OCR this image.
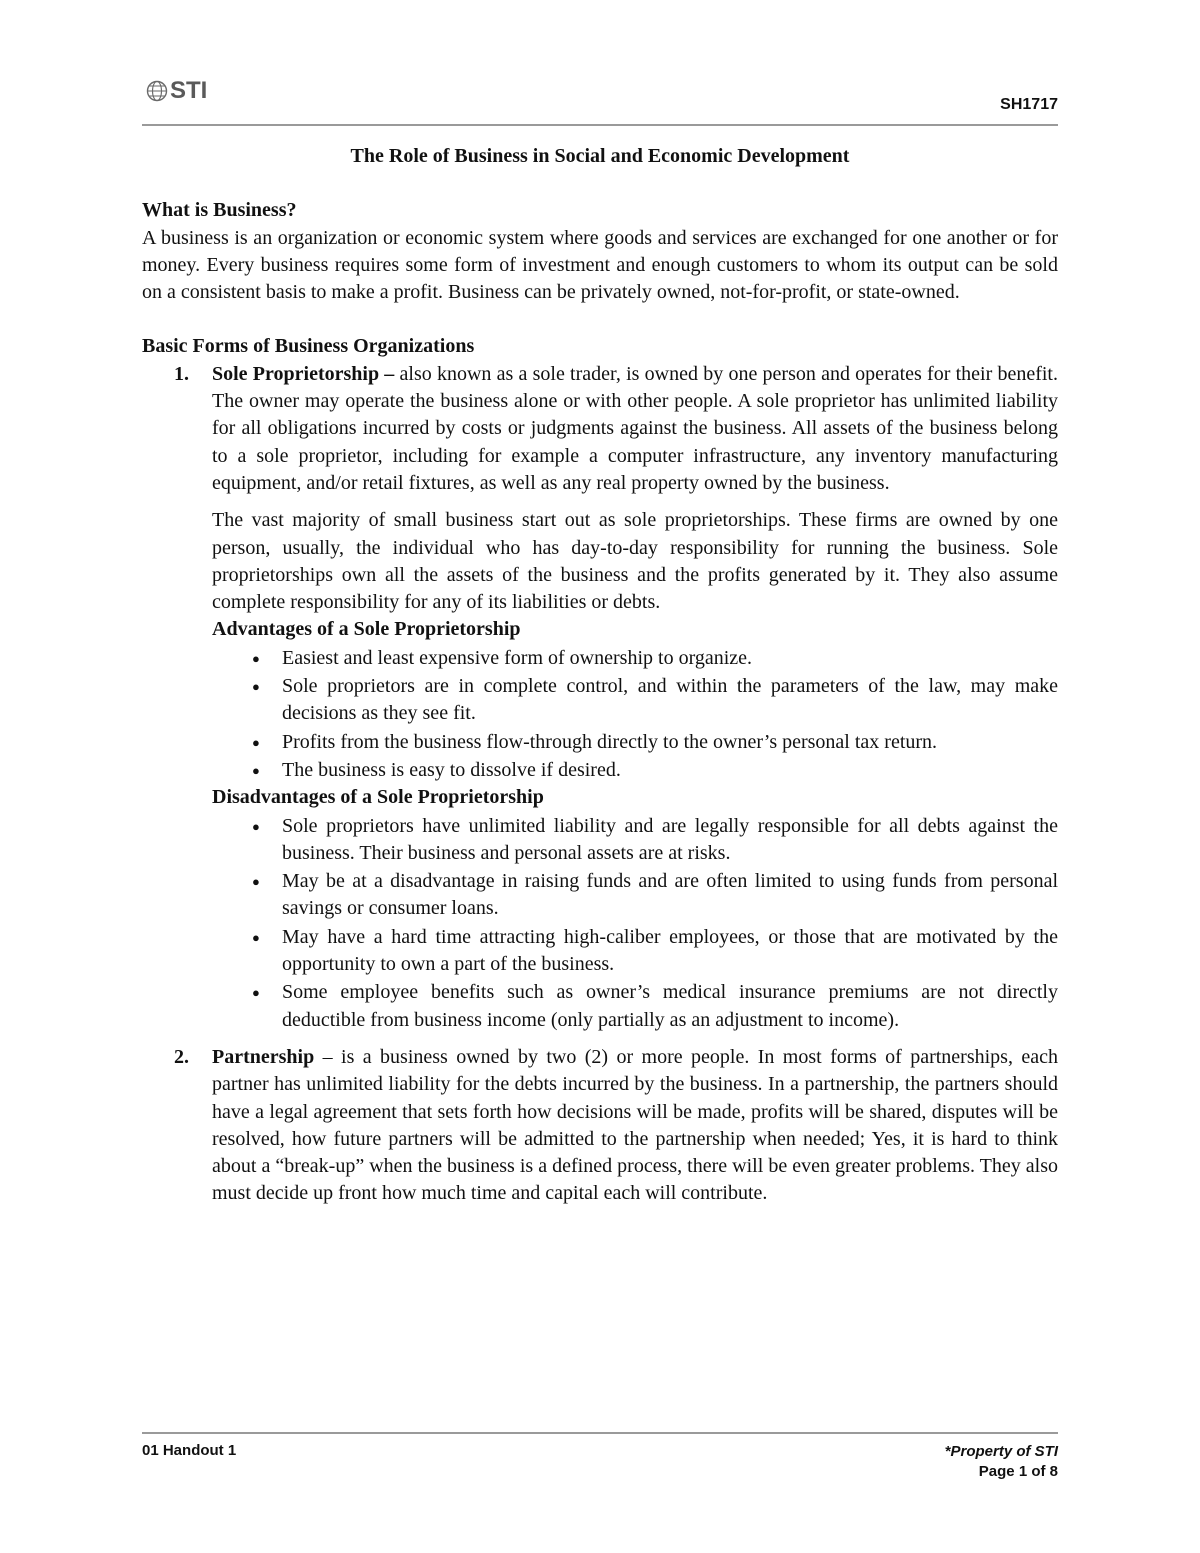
STI
SH1717

The Role of Business in Social and Economic Development

What is Business?

A business is an organization or economic system where goods and services are exchanged for one another or for money. Every business requires some form of investment and enough customers to whom its output can be sold on a consistent basis to make a profit. Business can be privately owned, not-for-profit, or state-owned.

Basic Forms of Business Organizations

1. Sole Proprietorship – also known as a sole trader, is owned by one person and operates for their benefit. The owner may operate the business alone or with other people. A sole proprietor has unlimited liability for all obligations incurred by costs or judgments against the business. All assets of the business belong to a sole proprietor, including for example a computer infrastructure, any inventory manufacturing equipment, and/or retail fixtures, as well as any real property owned by the business.

The vast majority of small business start out as sole proprietorships. These firms are owned by one person, usually, the individual who has day-to-day responsibility for running the business. Sole proprietorships own all the assets of the business and the profits generated by it. They also assume complete responsibility for any of its liabilities or debts.

Advantages of a Sole Proprietorship

● Easiest and least expensive form of ownership to organize.
● Sole proprietors are in complete control, and within the parameters of the law, may make decisions as they see fit.
● Profits from the business flow-through directly to the owner’s personal tax return.
● The business is easy to dissolve if desired.

Disadvantages of a Sole Proprietorship

● Sole proprietors have unlimited liability and are legally responsible for all debts against the business. Their business and personal assets are at risks.
● May be at a disadvantage in raising funds and are often limited to using funds from personal savings or consumer loans.
● May have a hard time attracting high-caliber employees, or those that are motivated by the opportunity to own a part of the business.
● Some employee benefits such as owner’s medical insurance premiums are not directly deductible from business income (only partially as an adjustment to income).
2. Partnership – is a business owned by two (2) or more people. In most forms of partnerships, each partner has unlimited liability for the debts incurred by the business. In a partnership, the partners should have a legal agreement that sets forth how decisions will be made, profits will be shared, disputes will be resolved, how future partners will be admitted to the partnership when needed; Yes, it is hard to think about a “break-up” when the business is a defined process, there will be even greater problems. They also must decide up front how much time and capital each will contribute.

01 Handout 1	*Property of STI
Page 1 of 8
